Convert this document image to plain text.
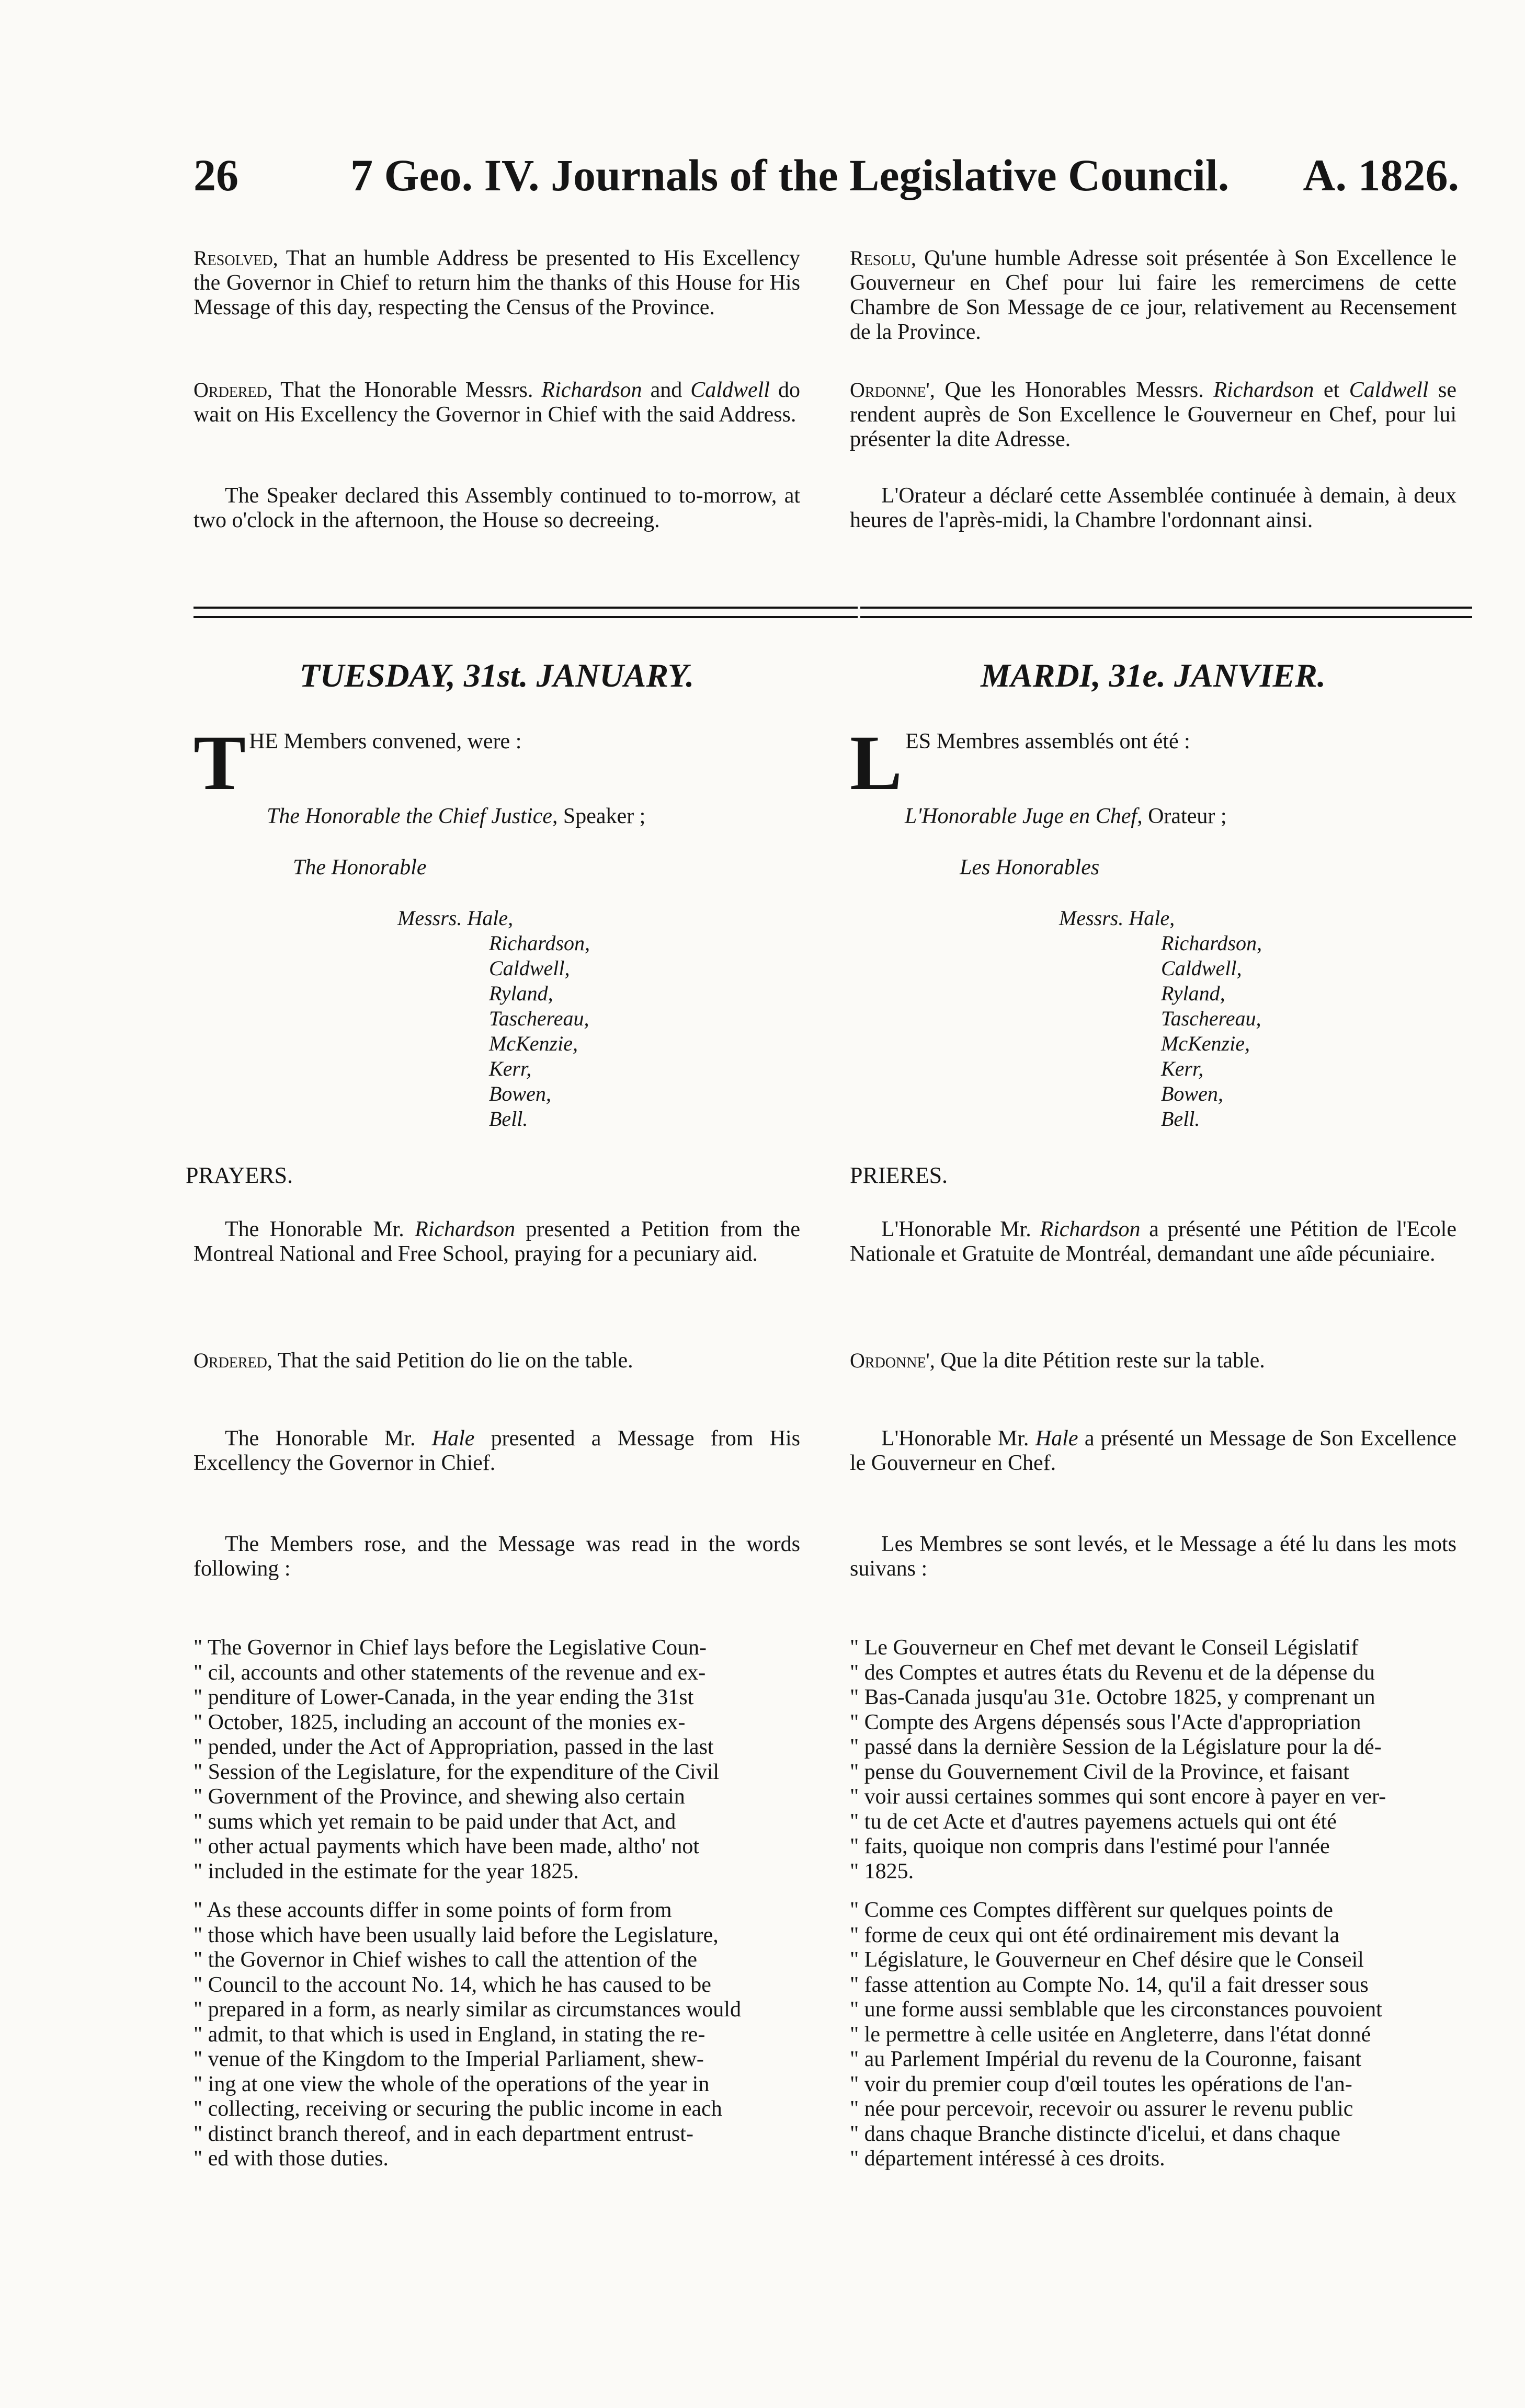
26 7 Geo. IV. Journals of the Legislative Council. A. 1826.
Resolved, That an humble Address be presented to His Excellency the Governor in Chief to return him the thanks of this House for His Message of this day, respecting the Census of the Province.
Ordered, That the Honorable Messrs. Richardson and Caldwell do wait on His Excellency the Governor in Chief with the said Address.
The Speaker declared this Assembly continued to to-morrow, at two o'clock in the afternoon, the House so decreeing.
TUESDAY, 31st. JANUARY.
THE Members convened, were :
The Honorable the Chief Justice, Speaker ;
The Honorable
Messrs. Hale,
Richardson,
Caldwell,
Ryland,
Taschereau,
McKenzie,
Kerr,
Bowen,
Bell.
PRAYERS.
The Honorable Mr. Richardson presented a Petition from the Montreal National and Free School, praying for a pecuniary aid.
Ordered, That the said Petition do lie on the table.
The Honorable Mr. Hale presented a Message from His Excellency the Governor in Chief.
The Members rose, and the Message was read in the words following :
" The Governor in Chief lays before the Legislative Coun-
" cil, accounts and other statements of the revenue and ex-
" penditure of Lower-Canada, in the year ending the 31st
" October, 1825, including an account of the monies ex-
" pended, under the Act of Appropriation, passed in the last
" Session of the Legislature, for the expenditure of the Civil
" Government of the Province, and shewing also certain
" sums which yet remain to be paid under that Act, and
" other actual payments which have been made, altho' not
" included in the estimate for the year 1825.
" As these accounts differ in some points of form from
" those which have been usually laid before the Legislature,
" the Governor in Chief wishes to call the attention of the
" Council to the account No. 14, which he has caused to be
" prepared in a form, as nearly similar as circumstances would
" admit, to that which is used in England, in stating the re-
" venue of the Kingdom to the Imperial Parliament, shew-
" ing at one view the whole of the operations of the year in
" collecting, receiving or securing the public income in each
" distinct branch thereof, and in each department entrust-
" ed with those duties.
Resolu, Qu'une humble Adresse soit présentée à Son Excellence le Gouverneur en Chef pour lui faire les remercimens de cette Chambre de Son Message de ce jour, relativement au Recensement de la Province.
Ordonne', Que les Honorables Messrs. Richardson et Caldwell se rendent auprès de Son Excellence le Gouverneur en Chef, pour lui présenter la dite Adresse.
L'Orateur a déclaré cette Assemblée continuée à demain, à deux heures de l'après-midi, la Chambre l'ordonnant ainsi.
MARDI, 31e. JANVIER.
LES Membres assemblés ont été :
L'Honorable Juge en Chef, Orateur ;
Les Honorables
Messrs. Hale,
Richardson,
Caldwell,
Ryland,
Taschereau,
McKenzie,
Kerr,
Bowen,
Bell.
PRIERES.
L'Honorable Mr. Richardson a présenté une Pétition de l'Ecole Nationale et Gratuite de Montréal, demandant une aîde pécuniaire.
Ordonne', Que la dite Pétition reste sur la table.
L'Honorable Mr. Hale a présenté un Message de Son Excellence le Gouverneur en Chef.
Les Membres se sont levés, et le Message a été lu dans les mots suivans :
" Le Gouverneur en Chef met devant le Conseil Législatif
" des Comptes et autres états du Revenu et de la dépense du
" Bas-Canada jusqu'au 31e. Octobre 1825, y comprenant un
" Compte des Argens dépensés sous l'Acte d'appropriation
" passé dans la dernière Session de la Législature pour la dé-
" pense du Gouvernement Civil de la Province, et faisant
" voir aussi certaines sommes qui sont encore à payer en ver-
" tu de cet Acte et d'autres payemens actuels qui ont été
" faits, quoique non compris dans l'estimé pour l'année
" 1825.
" Comme ces Comptes diffèrent sur quelques points de
" forme de ceux qui ont été ordinairement mis devant la
" Législature, le Gouverneur en Chef désire que le Conseil
" fasse attention au Compte No. 14, qu'il a fait dresser sous
" une forme aussi semblable que les circonstances pouvoient
" le permettre à celle usitée en Angleterre, dans l'état donné
" au Parlement Impérial du revenu de la Couronne, faisant
" voir du premier coup d'œil toutes les opérations de l'an-
" née pour percevoir, recevoir ou assurer le revenu public
" dans chaque Branche distincte d'icelui, et dans chaque
" département intéressé à ces droits.
